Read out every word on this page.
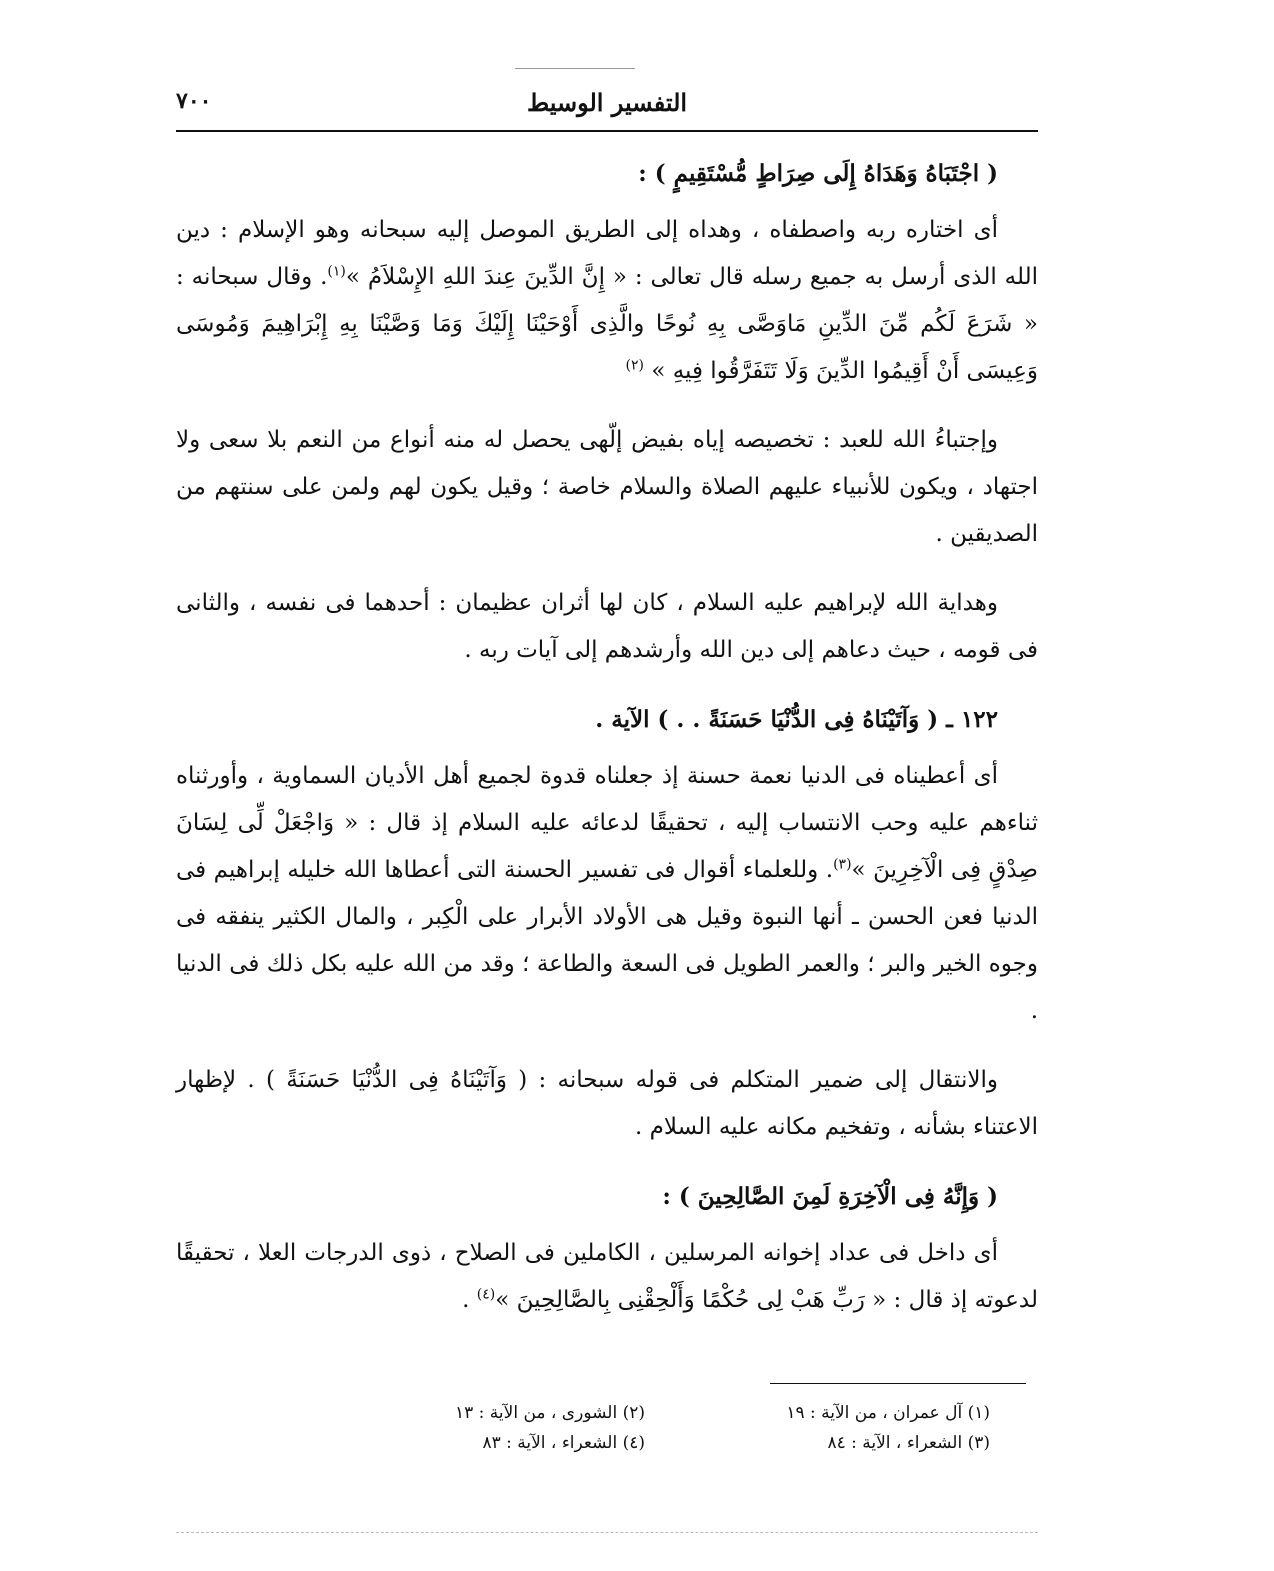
التفسير الوسيط
٧٠٠

( اجْتَبَاهُ وَهَدَاهُ إِلَى صِرَاطٍ مُّسْتَقِيمٍ ) :

أى اختاره ربه واصطفاه ، وهداه إلى الطريق الموصل إليه سبحانه وهو الإسلام : دين الله الذى أرسل به جميع رسله قال تعالى : « إِنَّ الدِّينَ عِندَ اللهِ الإِسْلاَمُ »$^{(١)}$. وقال سبحانه : « شَرَعَ لَكُم مِّنَ الدِّينِ مَاوَصَّى بِهِ نُوحًا والَّذِى أَوْحَيْنَا إِلَيْكَ وَمَا وَصَّيْنَا بِهِ إِبْرَاهِيمَ وَمُوسَى وَعِيسَى أَنْ أَقِيمُوا الدِّينَ وَلَا تَتَفَرَّقُوا فِيهِ » $^{(٢)}$

وإجتباءُ الله للعبد : تخصيصه إياه بفيض إلّهى يحصل له منه أنواع من النعم بلا سعى ولا اجتهاد ، ويكون للأنبياء عليهم الصلاة والسلام خاصة ؛ وقيل يكون لهم ولمن على سنتهم من الصديقين .

وهداية الله لإبراهيم عليه السلام ، كان لها أثران عظيمان : أحدهما فى نفسه ، والثانى فى قومه ، حيث دعاهم إلى دين الله وأرشدهم إلى آيات ربه .

١٢٢ ـ ( وَآتَيْنَاهُ فِى الدُّنْيَا حَسَنَةً . . ) الآية .

أى أعطيناه فى الدنيا نعمة حسنة إذ جعلناه قدوة لجميع أهل الأديان السماوية ، وأورثناه ثناءهم عليه وحب الانتساب إليه ، تحقيقًا لدعائه عليه السلام إذ قال : « وَاجْعَلْ لِّى لِسَانَ صِدْقٍ فِى الْآخِرِينَ »$^{(٣)}$. وللعلماء أقوال فى تفسير الحسنة التى أعطاها الله خليله إبراهيم فى الدنيا فعن الحسن ـ أنها النبوة وقيل هى الأولاد الأبرار على الْكِبر ، والمال الكثير ينفقه فى وجوه الخير والبر ؛ والعمر الطويل فى السعة والطاعة ؛ وقد من الله عليه بكل ذلك فى الدنيا .

والانتقال إلى ضمير المتكلم فى قوله سبحانه : ( وَآتَيْنَاهُ فِى الدُّنْيَا حَسَنَةً ) . لإظهار الاعتناء بشأنه ، وتفخيم مكانه عليه السلام .

( وَإِنَّهُ فِى الْآخِرَةِ لَمِنَ الصَّالِحِينَ ) :

أى داخل فى عداد إخوانه المرسلين ، الكاملين فى الصلاح ، ذوى الدرجات العلا ، تحقيقًا لدعوته إذ قال : « رَبِّ هَبْ لِى حُكْمًا وَأَلْحِقْنِى بِالصَّالِحِينَ »$^{(٤)}$ .

(١) آل عمران ، من الآية : ١٩
(٢) الشورى ، من الآية : ١٣
(٣) الشعراء ، الآية : ٨٤
(٤) الشعراء ، الآية : ٨٣
